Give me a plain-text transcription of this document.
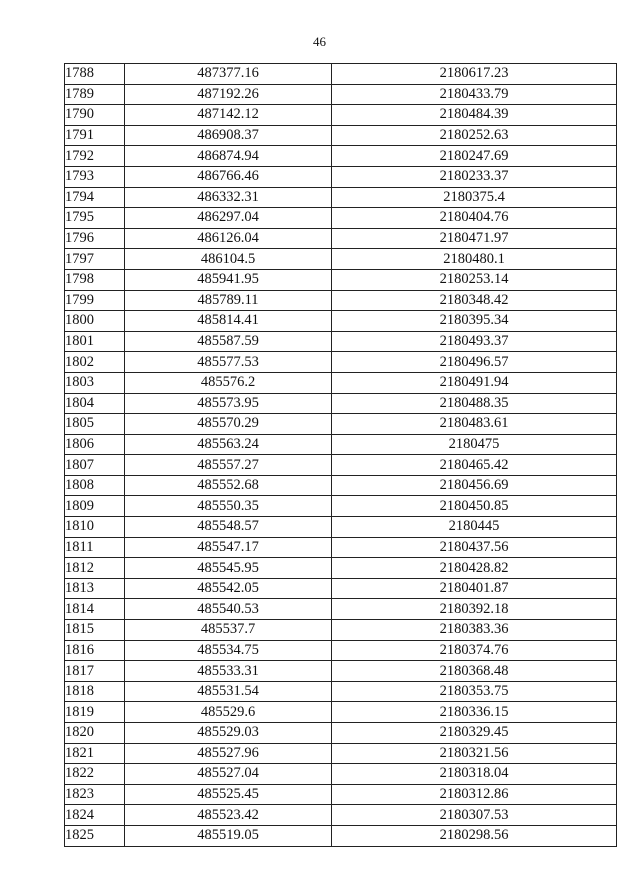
46
1788	487377.16	2180617.23
1789	487192.26	2180433.79
1790	487142.12	2180484.39
1791	486908.37	2180252.63
1792	486874.94	2180247.69
1793	486766.46	2180233.37
1794	486332.31	2180375.4
1795	486297.04	2180404.76
1796	486126.04	2180471.97
1797	486104.5	2180480.1
1798	485941.95	2180253.14
1799	485789.11	2180348.42
1800	485814.41	2180395.34
1801	485587.59	2180493.37
1802	485577.53	2180496.57
1803	485576.2	2180491.94
1804	485573.95	2180488.35
1805	485570.29	2180483.61
1806	485563.24	2180475
1807	485557.27	2180465.42
1808	485552.68	2180456.69
1809	485550.35	2180450.85
1810	485548.57	2180445
1811	485547.17	2180437.56
1812	485545.95	2180428.82
1813	485542.05	2180401.87
1814	485540.53	2180392.18
1815	485537.7	2180383.36
1816	485534.75	2180374.76
1817	485533.31	2180368.48
1818	485531.54	2180353.75
1819	485529.6	2180336.15
1820	485529.03	2180329.45
1821	485527.96	2180321.56
1822	485527.04	2180318.04
1823	485525.45	2180312.86
1824	485523.42	2180307.53
1825	485519.05	2180298.56
